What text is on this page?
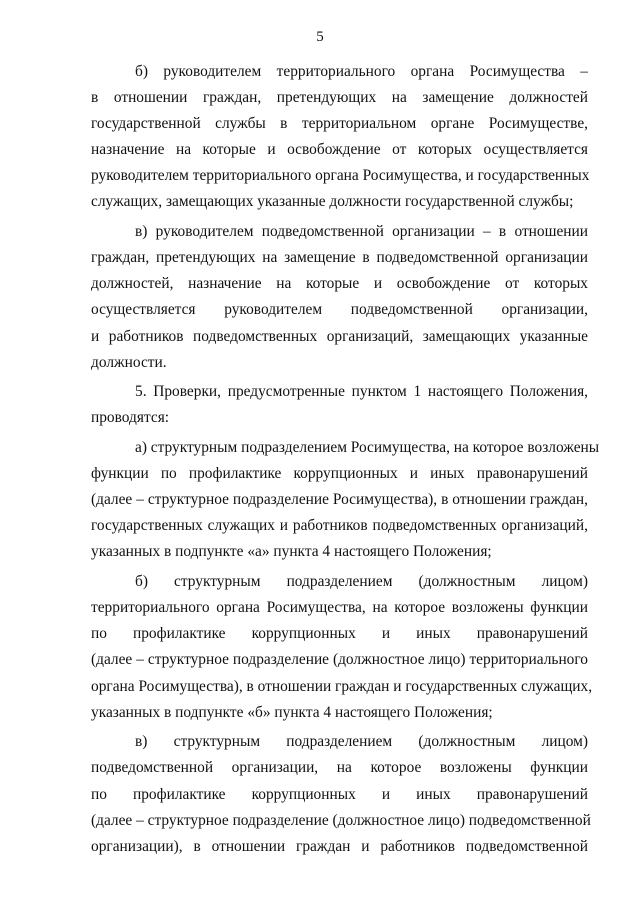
5

б) руководителем территориального органа Росимущества –
в отношении граждан, претендующих на замещение должностей
государственной службы в территориальном органе Росимуществе,
назначение на которые и освобождение от которых осуществляется
руководителем территориального органа Росимущества, и государственных
служащих, замещающих указанные должности государственной службы;

в) руководителем подведомственной организации – в отношении
граждан, претендующих на замещение в подведомственной организации
должностей, назначение на которые и освобождение от которых
осуществляется руководителем подведомственной организации,
и работников подведомственных организаций, замещающих указанные
должности.

5. Проверки, предусмотренные пунктом 1 настоящего Положения,
проводятся:

а) структурным подразделением Росимущества, на которое возложены
функции по профилактике коррупционных и иных правонарушений
(далее – структурное подразделение Росимущества), в отношении граждан,
государственных служащих и работников подведомственных организаций,
указанных в подпункте «а» пункта 4 настоящего Положения;

б) структурным подразделением (должностным лицом)
территориального органа Росимущества, на которое возложены функции
по профилактике коррупционных и иных правонарушений
(далее – структурное подразделение (должностное лицо) территориального
органа Росимущества), в отношении граждан и государственных служащих,
указанных в подпункте «б» пункта 4 настоящего Положения;

в) структурным подразделением (должностным лицом)
подведомственной организации, на которое возложены функции
по профилактике коррупционных и иных правонарушений
(далее – структурное подразделение (должностное лицо) подведомственной
организации), в отношении граждан и работников подведомственной
